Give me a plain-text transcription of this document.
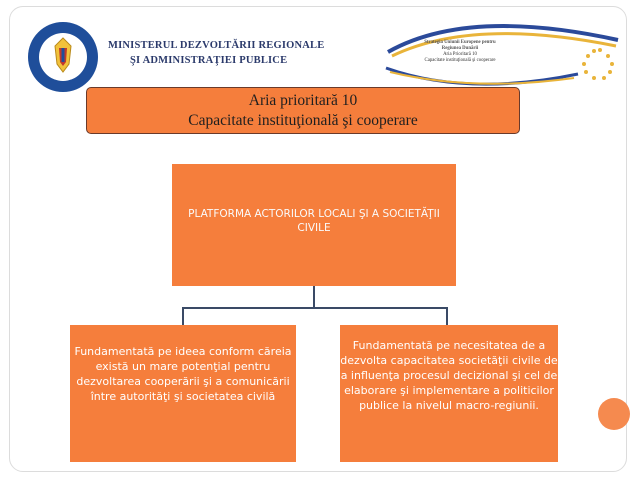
GUVERNUL ROMÂNIEI
MINISTERUL DEZVOLTĂRII REGIONALE
ŞI ADMINISTRAŢIEI PUBLICE
Strategia Uniunii Europene pentru
Regiunea Dunării
Aria Prioritară 10
Capacitate instituţională şi cooperare
Aria prioritară 10
Capacitate instituţională şi cooperare
PLATFORMA ACTORILOR LOCALI ŞI A SOCIETĂŢII CIVILE
Fundamentată pe ideea conform căreia există un mare potenţial pentru dezvoltarea cooperării şi a comunicării între autorităţi şi societatea civilă
Fundamentată pe necesitatea de a dezvolta capacitatea societăţii civile de a influenţa procesul decizional şi cel de elaborare şi implementare a politicilor publice la nivelul macro-regiunii.
